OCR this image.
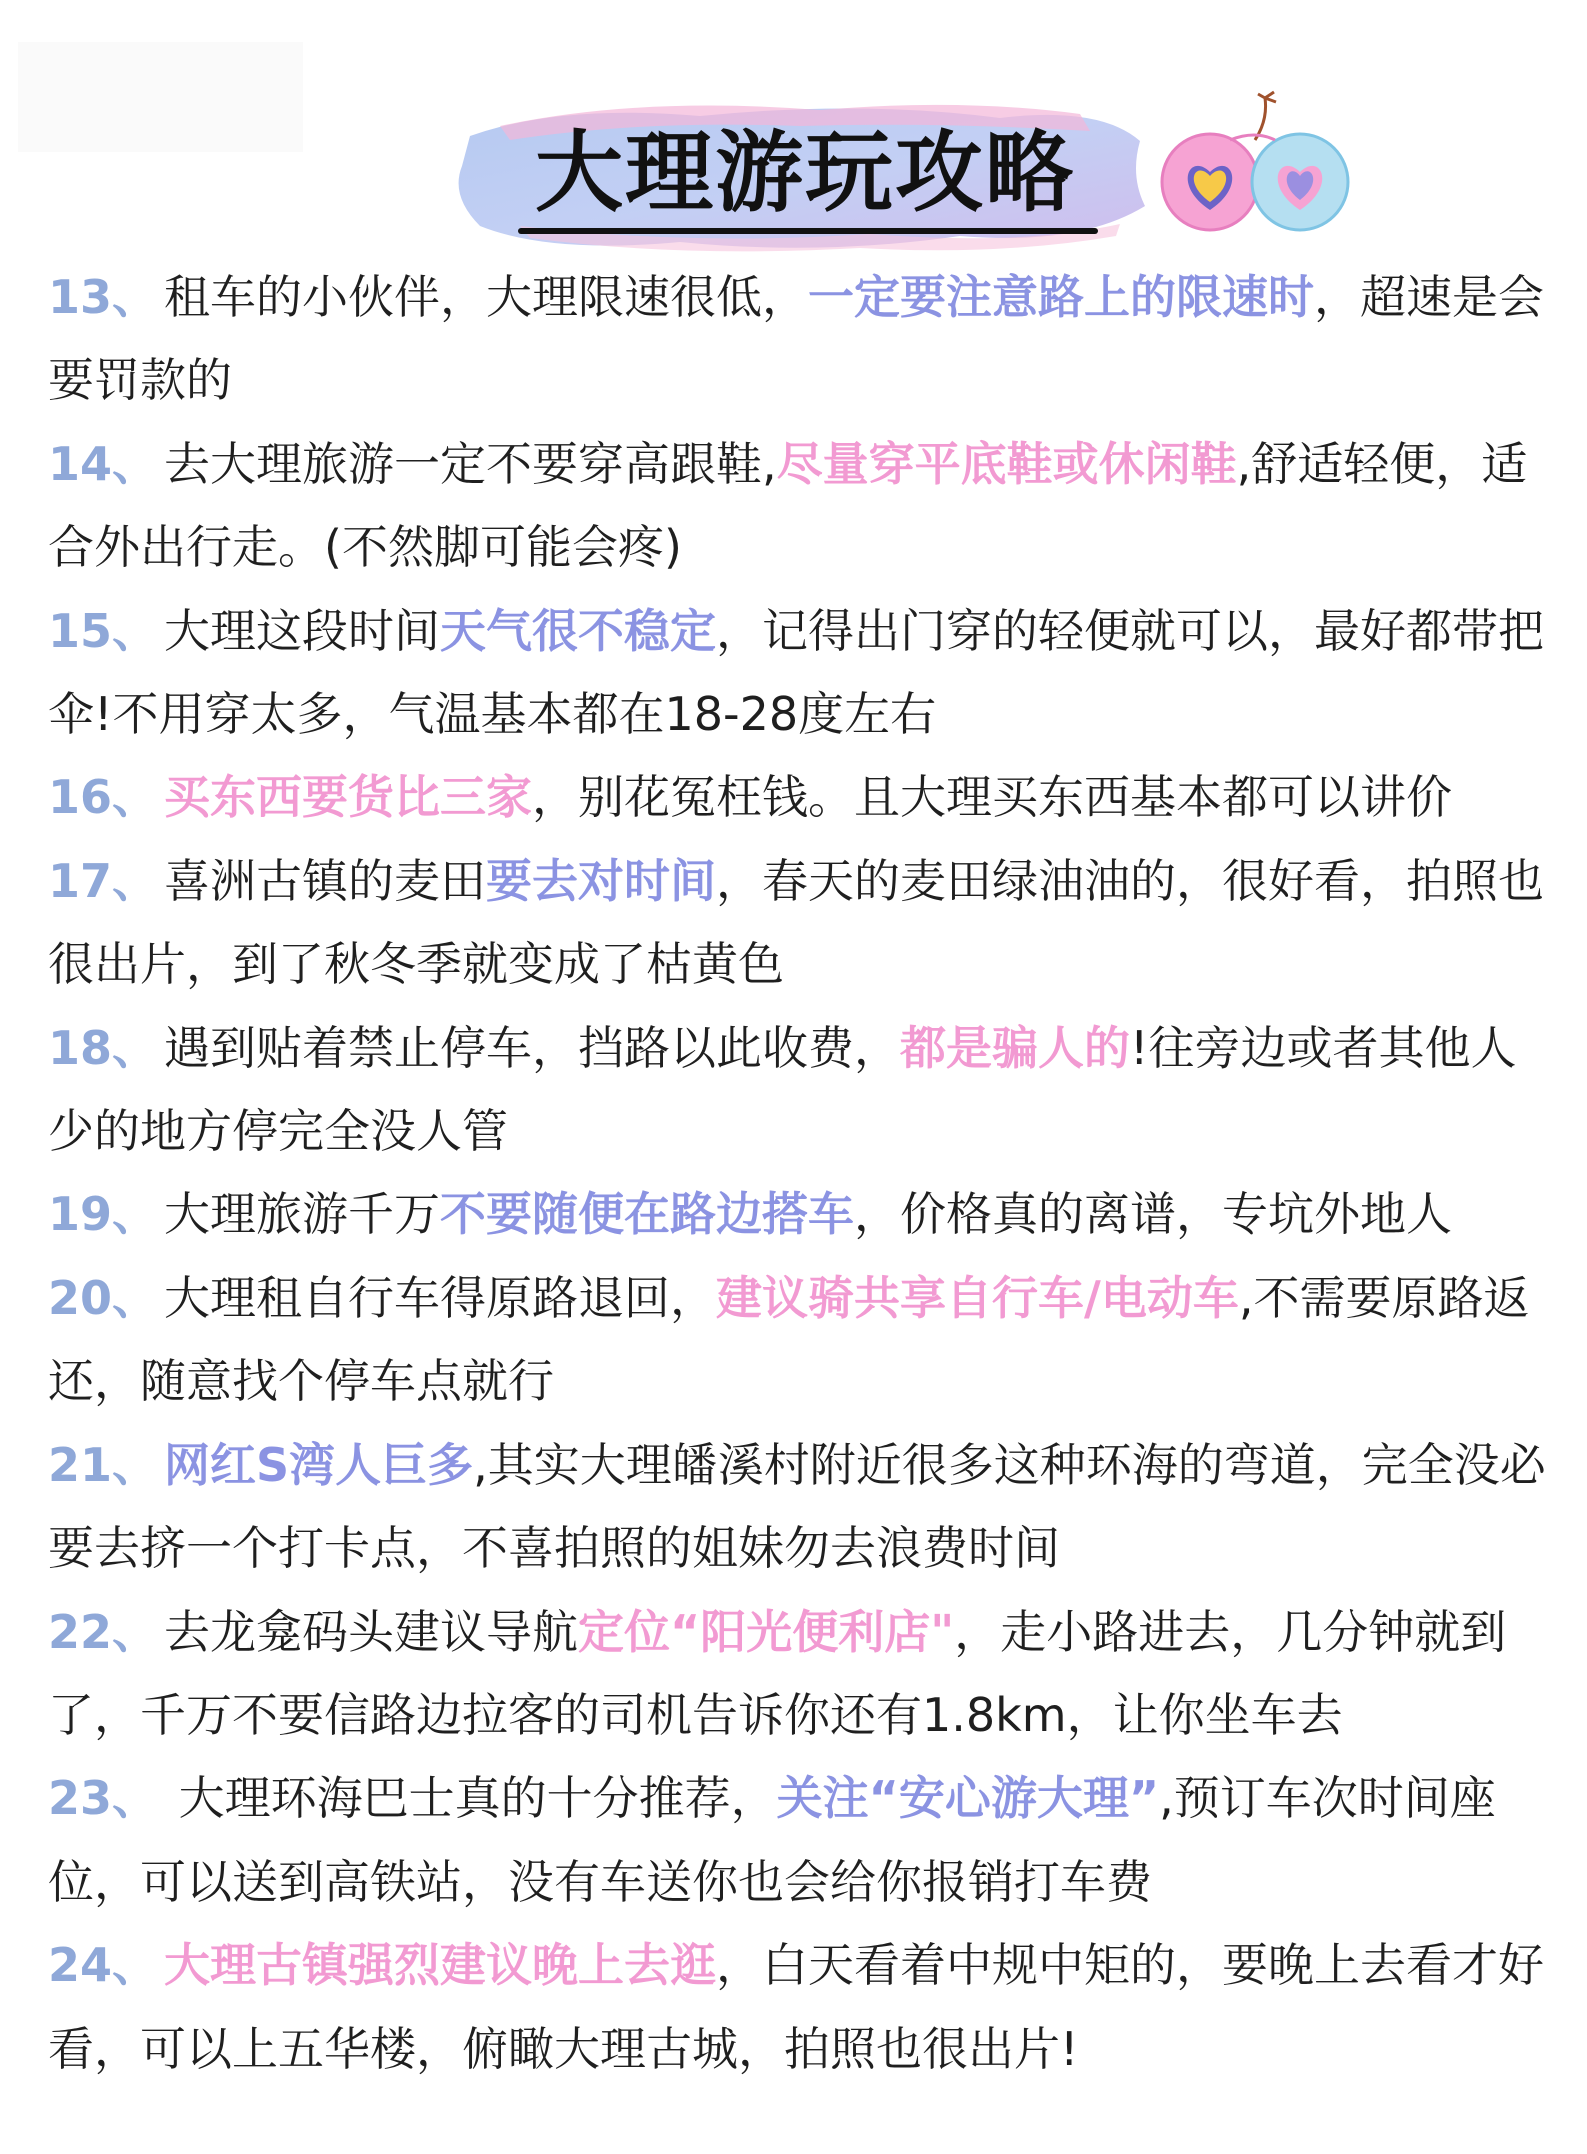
大理游玩攻略

13、 租车的小伙伴，大理限速很低，一定要注意路上的限速时，超速是会要罚款的

14、 去大理旅游一定不要穿高跟鞋,尽量穿平底鞋或休闲鞋,舒适轻便，适合外出行走。(不然脚可能会疼)

15、 大理这段时间天气很不稳定，记得出门穿的轻便就可以，最好都带把伞!不用穿太多，气温基本都在18-28度左右

16、 买东西要货比三家，别花冤枉钱。且大理买东西基本都可以讲价

17、 喜洲古镇的麦田要去对时间，春天的麦田绿油油的，很好看，拍照也很出片，到了秋冬季就变成了枯黄色

18、 遇到贴着禁止停车，挡路以此收费，都是骗人的!往旁边或者其他人少的地方停完全没人管

19、 大理旅游千万不要随便在路边搭车，价格真的离谱，专坑外地人

20、 大理租自行车得原路退回，建议骑共享自行车/电动车,不需要原路返还，随意找个停车点就行

21、 网红S湾人巨多,其实大理皤溪村附近很多这种环海的弯道，完全没必要去挤一个打卡点，不喜拍照的姐妹勿去浪费时间

22、 去龙龛码头建议导航定位“阳光便利店"，走小路进去，几分钟就到了，千万不要信路边拉客的司机告诉你还有1.8km，让你坐车去

23、 大理环海巴士真的十分推荐，关注“安心游大理”,预订车次时间座位，可以送到高铁站，没有车送你也会给你报销打车费

24、 大理古镇强烈建议晚上去逛，白天看着中规中矩的，要晚上去看才好看，可以上五华楼，俯瞰大理古城，拍照也很出片!
